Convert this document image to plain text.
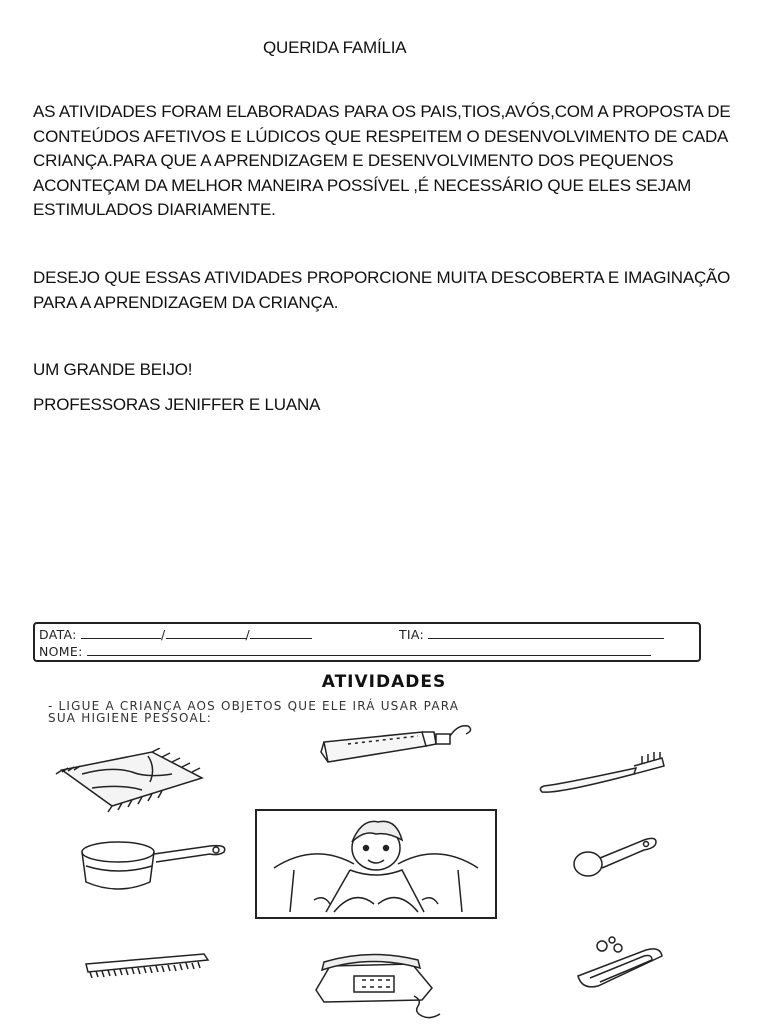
QUERIDA FAMÍLIA
AS ATIVIDADES FORAM ELABORADAS PARA OS PAIS,TIOS,AVÓS,COM A PROPOSTA DE
CONTEÚDOS AFETIVOS E LÚDICOS QUE RESPEITEM O DESENVOLVIMENTO DE CADA
CRIANÇA.PARA QUE A APRENDIZAGEM E DESENVOLVIMENTO DOS PEQUENOS
ACONTEÇAM DA MELHOR MANEIRA POSSÍVEL ,É NECESSÁRIO QUE ELES SEJAM
ESTIMULADOS DIARIAMENTE.
DESEJO QUE ESSAS ATIVIDADES PROPORCIONE MUITA DESCOBERTA E IMAGINAÇÃO
PARA A APRENDIZAGEM DA CRIANÇA.
UM GRANDE BEIJO!
PROFESSORAS JENIFFER E LUANA
DATA:	/	/	TIA:
NOME:
ATIVIDADES
- LIGUE A CRIANÇA AOS OBJETOS QUE ELE IRÁ USAR PARA
SUA HIGIENE PESSOAL:
